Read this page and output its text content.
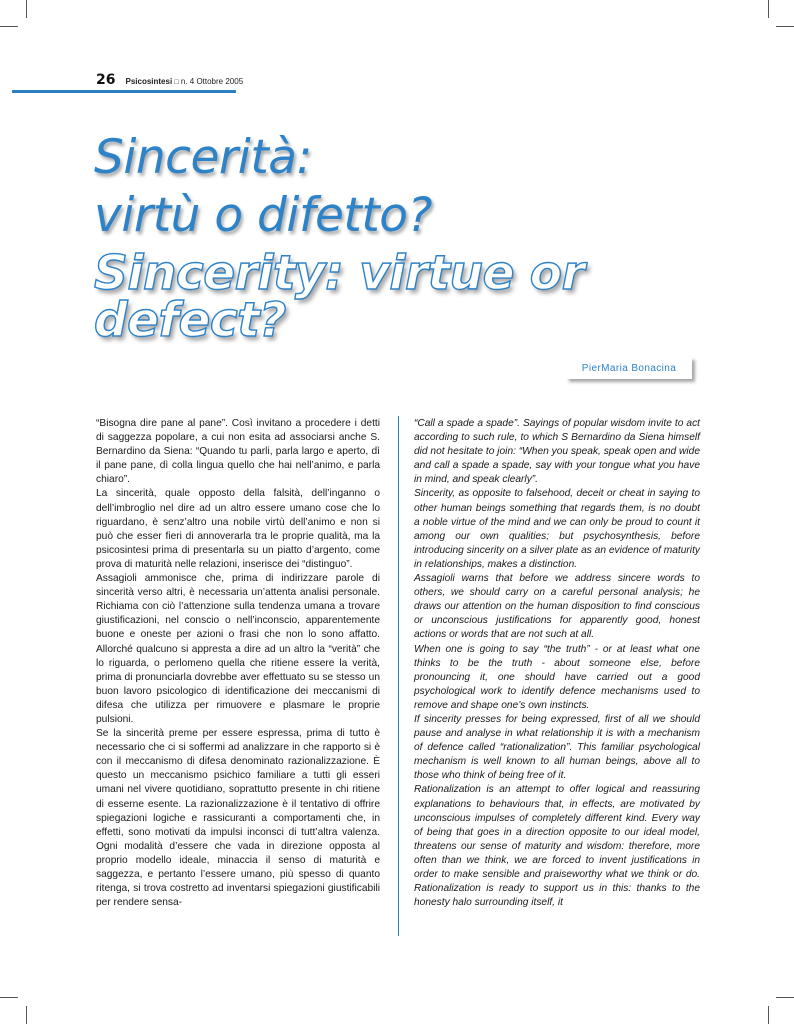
26 Psicosintesi □ n. 4 Ottobre 2005
Sincerità:
virtù o difetto?
Sincerity: virtue or defect?
PierMaria Bonacina

“Bisogna dire pane al pane”. Così invitano a procedere i detti di saggezza popolare, a cui non esita ad associarsi anche S. Bernardino da Siena: “Quando tu parli, parla largo e aperto, dì il pane pane, dì colla lingua quello che hai nell’animo, e parla chiaro”.

La sincerità, quale opposto della falsità, dell’inganno o dell’imbroglio nel dire ad un altro essere umano cose che lo riguardano, è senz’altro una nobile virtù dell’animo e non si può che esser fieri di annoverarla tra le proprie qualità, ma la psicosintesi prima di presentarla su un piatto d’argento, come prova di maturità nelle relazioni, inserisce dei “distinguo”.

Assagioli ammonisce che, prima di indirizzare parole di sincerità verso altri, è necessaria un’attenta analisi personale. Richiama con ciò l’attenzione sulla tendenza umana a trovare giustificazioni, nel conscio o nell’inconscio, apparentemente buone e oneste per azioni o frasi che non lo sono affatto. Allorché qualcuno si appresta a dire ad un altro la “verità” che lo riguarda, o perlomeno quella che ritiene essere la verità, prima di pronunciarla dovrebbe aver effettuato su se stesso un buon lavoro psicologico di identificazione dei meccanismi di difesa che utilizza per rimuovere e plasmare le proprie pulsioni.

Se la sincerità preme per essere espressa, prima di tutto è necessario che ci si soffermi ad analizzare in che rapporto si è con il meccanismo di difesa denominato razionalizzazione. È questo un meccanismo psichico familiare a tutti gli esseri umani nel vivere quotidiano, soprattutto presente in chi ritiene di esserne esente. La razionalizzazione è il tentativo di offrire spiegazioni logiche e rassicuranti a comportamenti che, in effetti, sono motivati da impulsi inconsci di tutt’altra valenza. Ogni modalità d’essere che vada in direzione opposta al proprio modello ideale, minaccia il senso di maturità e saggezza, e pertanto l’essere umano, più spesso di quanto ritenga, si trova costretto ad inventarsi spiegazioni giustificabili per rendere sensa-

“Call a spade a spade”. Sayings of popular wisdom invite to act according to such rule, to which S Bernardino da Siena himself did not hesitate to join: “When you speak, speak open and wide and call a spade a spade, say with your tongue what you have in mind, and speak clearly”.

Sincerity, as opposite to falsehood, deceit or cheat in saying to other human beings something that regards them, is no doubt a noble virtue of the mind and we can only be proud to count it among our own qualities; but psychosynthesis, before introducing sincerity on a silver plate as an evidence of maturity in relationships, makes a distinction.

Assagioli warns that before we address sincere words to others, we should carry on a careful personal analysis; he draws our attention on the human disposition to find conscious or unconscious justifications for apparently good, honest actions or words that are not such at all.

When one is going to say “the truth” - or at least what one thinks to be the truth - about someone else, before pronouncing it, one should have carried out a good psychological work to identify defence mechanisms used to remove and shape one’s own instincts.

If sincerity presses for being expressed, first of all we should pause and analyse in what relationship it is with a mechanism of defence called “rationalization”. This familiar psychological mechanism is well known to all human beings, above all to those who think of being free of it.

Rationalization is an attempt to offer logical and reassuring explanations to behaviours that, in effects, are motivated by unconscious impulses of completely different kind. Every way of being that goes in a direction opposite to our ideal model, threatens our sense of maturity and wisdom: therefore, more often than we think, we are forced to invent justifications in order to make sensible and praiseworthy what we think or do. Rationalization is ready to support us in this: thanks to the honesty halo surrounding itself, it
